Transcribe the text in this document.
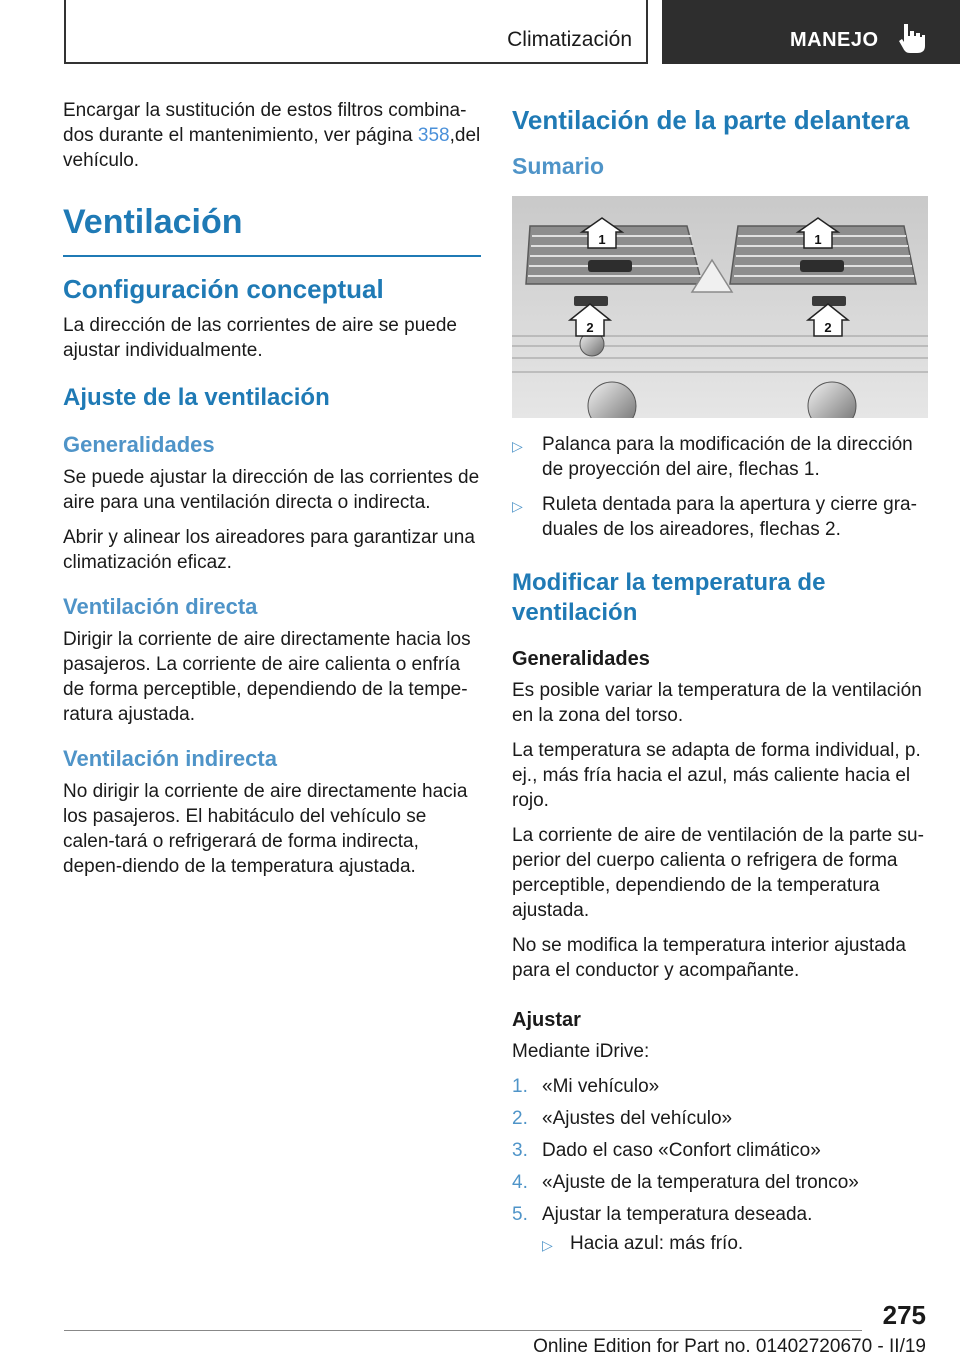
Climatización	MANEJO

Encargar la sustitución de estos filtros combina-dos durante el mantenimiento, ver página 358,del vehículo.

Ventilación
Configuración conceptual

La dirección de las corrientes de aire se puede ajustar individualmente.

Ajuste de la ventilación
Generalidades

Se puede ajustar la dirección de las corrientes de aire para una ventilación directa o indirecta.

Abrir y alinear los aireadores para garantizar una climatización eficaz.

Ventilación directa

Dirigir la corriente de aire directamente hacia los pasajeros. La corriente de aire calienta o enfría de forma perceptible, dependiendo de la tempe-ratura ajustada.

Ventilación indirecta

No dirigir la corriente de aire directamente hacia los pasajeros. El habitáculo del vehículo se calen-tará o refrigerará de forma indirecta, depen-diendo de la temperatura ajustada.

Ventilación de la parte delantera
Sumario
1	1
2	2
▷ Palanca para la modificación de la dirección de proyección del aire, flechas 1.
▷ Ruleta dentada para la apertura y cierre gra-duales de los aireadores, flechas 2.
Modificar la temperatura de ventilación
Generalidades

Es posible variar la temperatura de la ventilación en la zona del torso.

La temperatura se adapta de forma individual, p. ej., más fría hacia el azul, más caliente hacia el rojo.

La corriente de aire de ventilación de la parte su-perior del cuerpo calienta o refrigera de forma perceptible, dependiendo de la temperatura ajustada.

No se modifica la temperatura interior ajustada para el conductor y acompañante.

Ajustar

Mediante iDrive:

1. «Mi vehículo»
2. «Ajustes del vehículo»
3. Dado el caso «Confort climático»
4. «Ajuste de la temperatura del tronco»
5. Ajustar la temperatura deseada.
▷ Hacia azul: más frío.
275
Online Edition for Part no. 01402720670 - II/19
